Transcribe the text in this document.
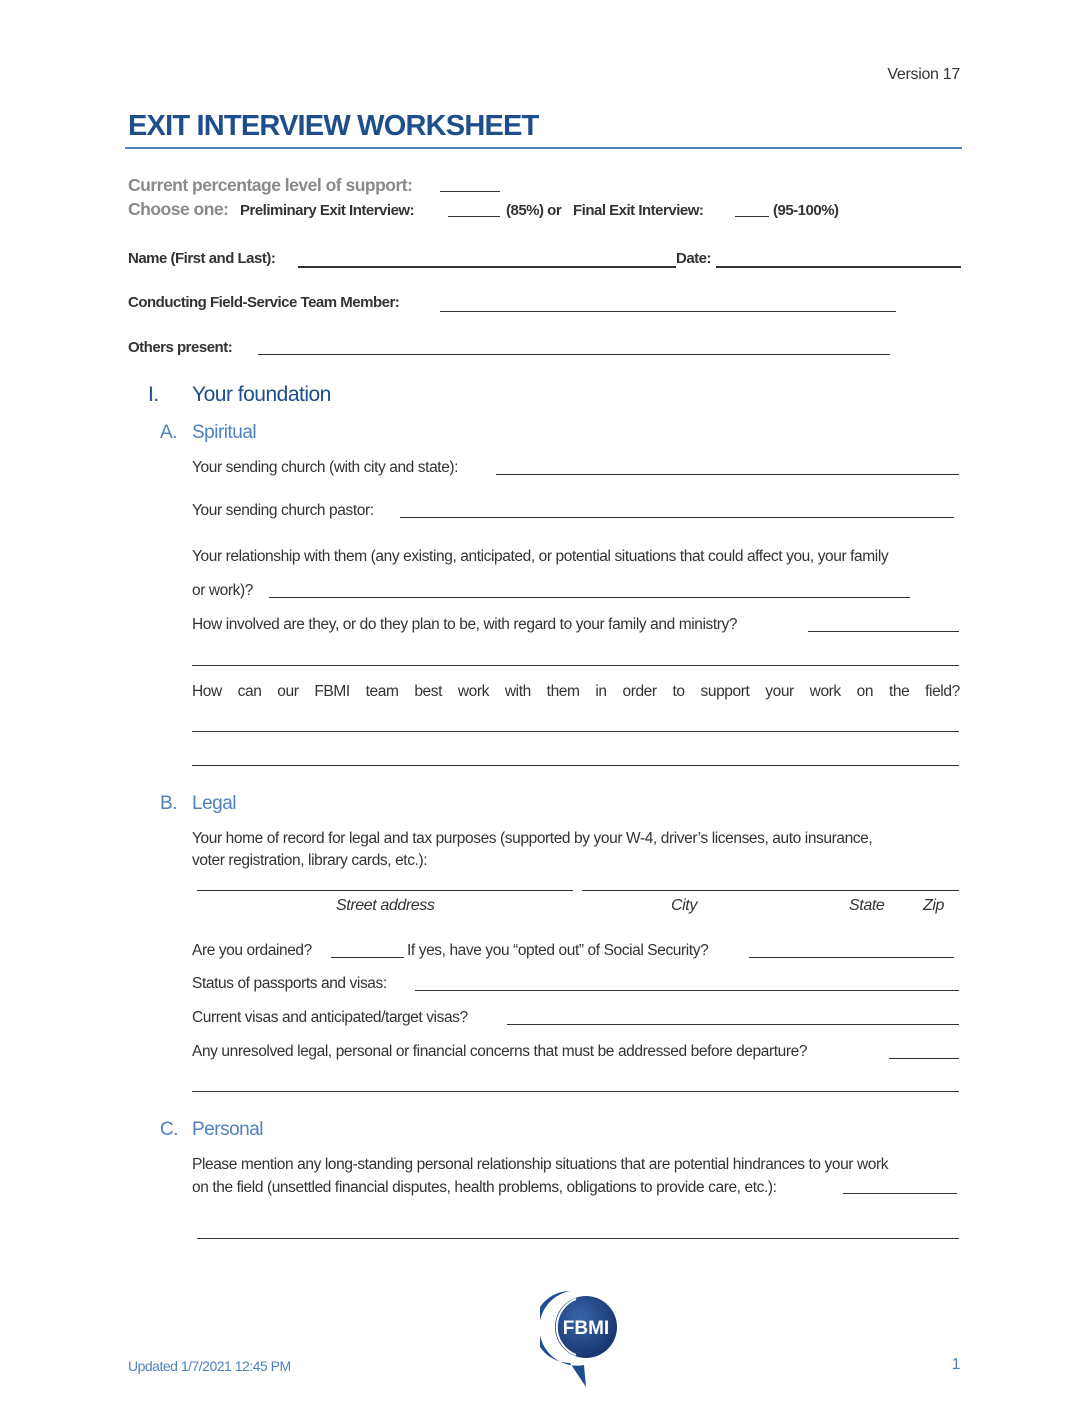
Version 17
EXIT INTERVIEW WORKSHEET
Current percentage level of support:
Choose one: Preliminary Exit Interview:	(85%) or Final Exit Interview:	(95-100%)
Name (First and Last):	Date:
Conducting Field-Service Team Member:
Others present:
I. Your foundation
A. Spiritual
Your sending church (with city and state):
Your sending church pastor:
Your relationship with them (any existing, anticipated, or potential situations that could affect you, your family
or work)?
How involved are they, or do they plan to be, with regard to your family and ministry?
How can our FBMI team best work with them in order to support your work on the field?
B. Legal
Your home of record for legal and tax purposes (supported by your W-4, driver’s licenses, auto insurance,
voter registration, library cards, etc.):
Street address	City	State Zip
Are you ordained?	If yes, have you “opted out” of Social Security?
Status of passports and visas:
Current visas and anticipated/target visas?
Any unresolved legal, personal or financial concerns that must be addressed before departure?
C. Personal
Please mention any long-standing personal relationship situations that are potential hindrances to your work
on the field (unsettled financial disputes, health problems, obligations to provide care, etc.):
Updated 1/7/2021 12:45 PM
FBMI
1
